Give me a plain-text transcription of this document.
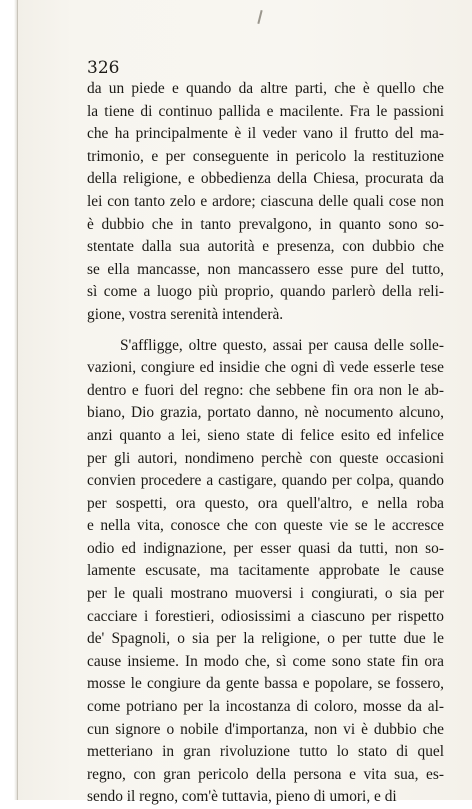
326

da un piede e quando da altre parti, che è quello che
la tiene di continuo pallida e macilente. Fra le passioni
che ha principalmente è il veder vano il frutto del ma-
trimonio, e per conseguente in pericolo la restituzione
della religione, e obbedienza della Chiesa, procurata da
lei con tanto zelo e ardore; ciascuna delle quali cose non
è dubbio che in tanto prevalgono, in quanto sono so-
stentate dalla sua autorità e presenza, con dubbio che
se ella mancasse, non mancassero esse pure del tutto,
sì come a luogo più proprio, quando parlerò della reli-
gione, vostra serenità intenderà.
S'affligge, oltre questo, assai per causa delle solle-
vazioni, congiure ed insidie che ogni dì vede esserle tese
dentro e fuori del regno: che sebbene fin ora non le ab-
biano, Dio grazia, portato danno, nè nocumento alcuno,
anzi quanto a lei, sieno state di felice esito ed infelice
per gli autori, nondimeno perchè con queste occasioni
convien procedere a castigare, quando per colpa, quando
per sospetti, ora questo, ora quell'altro, e nella roba
e nella vita, conosce che con queste vie se le accresce
odio ed indignazione, per esser quasi da tutti, non so-
lamente escusate, ma tacitamente approbate le cause
per le quali mostrano muoversi i congiurati, o sia per
cacciare i forestieri, odiosissimi a ciascuno per rispetto
de' Spagnoli, o sia per la religione, o per tutte due le
cause insieme. In modo che, sì come sono state fin ora
mosse le congiure da gente bassa e popolare, se fossero,
come potriano per la incostanza di coloro, mosse da al-
cun signore o nobile d'importanza, non vi è dubbio che
metteriano in gran rivoluzione tutto lo stato di quel
regno, con gran pericolo della persona e vita sua, es-
sendo il regno, com'è tuttavia, pieno di umori, e di
